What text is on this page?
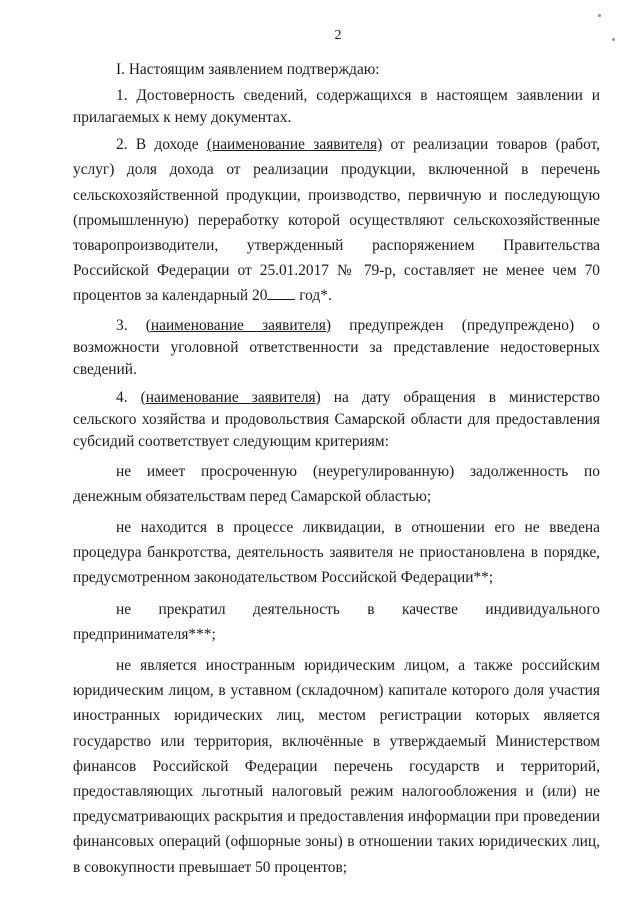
2

I. Настоящим заявлением подтверждаю:

1. Достоверность сведений, содержащихся в настоящем заявлении и прилагаемых к нему документах.

2. В доходе (наименование заявителя) от реализации товаров (работ, услуг) доля дохода от реализации продукции, включенной в перечень сельскохозяйственной продукции, производство, первичную и последующую (промышленную) переработку которой осуществляют сельскохозяйственные товаропроизводители, утвержденный распоряжением Правительства Российской Федерации от 25.01.2017 № 79-р, составляет не менее чем 70 процентов за календарный 20 год*.

3. (наименование заявителя) предупрежден (предупреждено) о возможности уголовной ответственности за представление недостоверных сведений.

4. (наименование заявителя) на дату обращения в министерство сельского хозяйства и продовольствия Самарской области для предоставления субсидий соответствует следующим критериям:

не имеет просроченную (неурегулированную) задолженность по денежным обязательствам перед Самарской областью;

не находится в процессе ликвидации, в отношении его не введена процедура банкротства, деятельность заявителя не приостановлена в порядке, предусмотренном законодательством Российской Федерации**;

не прекратил деятельность в качестве индивидуального предпринимателя***;

не является иностранным юридическим лицом, а также российским юридическим лицом, в уставном (складочном) капитале которого доля участия иностранных юридических лиц, местом регистрации которых является государство или территория, включённые в утверждаемый Министерством финансов Российской Федерации перечень государств и территорий, предоставляющих льготный налоговый режим налогообложения и (или) не предусматривающих раскрытия и предоставления информации при проведении финансовых операций (офшорные зоны) в отношении таких юридических лиц, в совокупности превышает 50 процентов;
